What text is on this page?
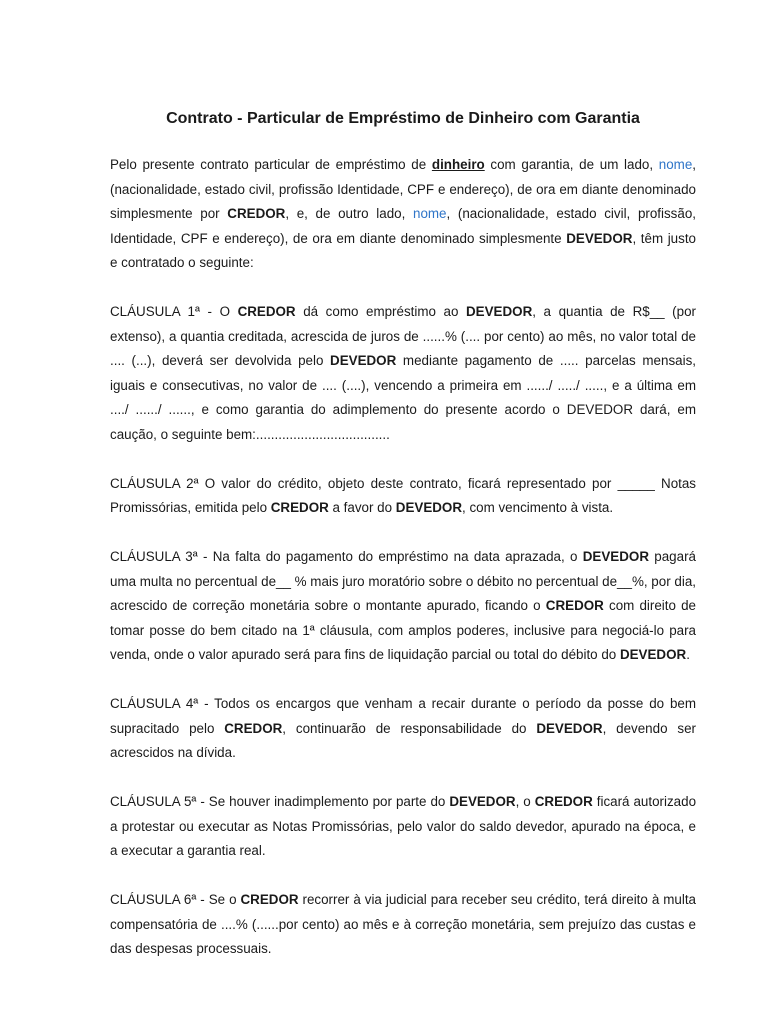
Contrato - Particular de Empréstimo de Dinheiro com Garantia

Pelo presente contrato particular de empréstimo de dinheiro com garantia, de um lado, nome, (nacionalidade, estado civil, profissão Identidade, CPF e endereço), de ora em diante denominado simplesmente por CREDOR, e, de outro lado, nome, (nacionalidade, estado civil, profissão, Identidade, CPF e endereço), de ora em diante denominado simplesmente DEVEDOR, têm justo e contratado o seguinte:

CLÁUSULA 1ª - O CREDOR dá como empréstimo ao DEVEDOR, a quantia de R$__ (por extenso), a quantia creditada, acrescida de juros de ......% (.... por cento) ao mês, no valor total de .... (...), deverá ser devolvida pelo DEVEDOR mediante pagamento de ..... parcelas mensais, iguais e consecutivas, no valor de .... (....), vencendo a primeira em ....../ ...../ ....., e a última em ..../ ....../ ......, e como garantia do adimplemento do presente acordo o DEVEDOR dará, em caução, o seguinte bem:....................................

CLÁUSULA 2ª O valor do crédito, objeto deste contrato, ficará representado por _____ Notas Promissórias, emitida pelo CREDOR a favor do DEVEDOR, com vencimento à vista.

CLÁUSULA 3ª - Na falta do pagamento do empréstimo na data aprazada, o DEVEDOR pagará uma multa no percentual de__ % mais juro moratório sobre o débito no percentual de__%, por dia, acrescido de correção monetária sobre o montante apurado, ficando o CREDOR com direito de tomar posse do bem citado na 1ª cláusula, com amplos poderes, inclusive para negociá-lo para venda, onde o valor apurado será para fins de liquidação parcial ou total do débito do DEVEDOR.

CLÁUSULA 4ª - Todos os encargos que venham a recair durante o período da posse do bem supracitado pelo CREDOR, continuarão de responsabilidade do DEVEDOR, devendo ser acrescidos na dívida.

CLÁUSULA 5ª - Se houver inadimplemento por parte do DEVEDOR, o CREDOR ficará autorizado a protestar ou executar as Notas Promissórias, pelo valor do saldo devedor, apurado na época, e a executar a garantia real.

CLÁUSULA 6ª - Se o CREDOR recorrer à via judicial para receber seu crédito, terá direito à multa compensatória de ....% (......por cento) ao mês e à correção monetária, sem prejuízo das custas e das despesas processuais.
